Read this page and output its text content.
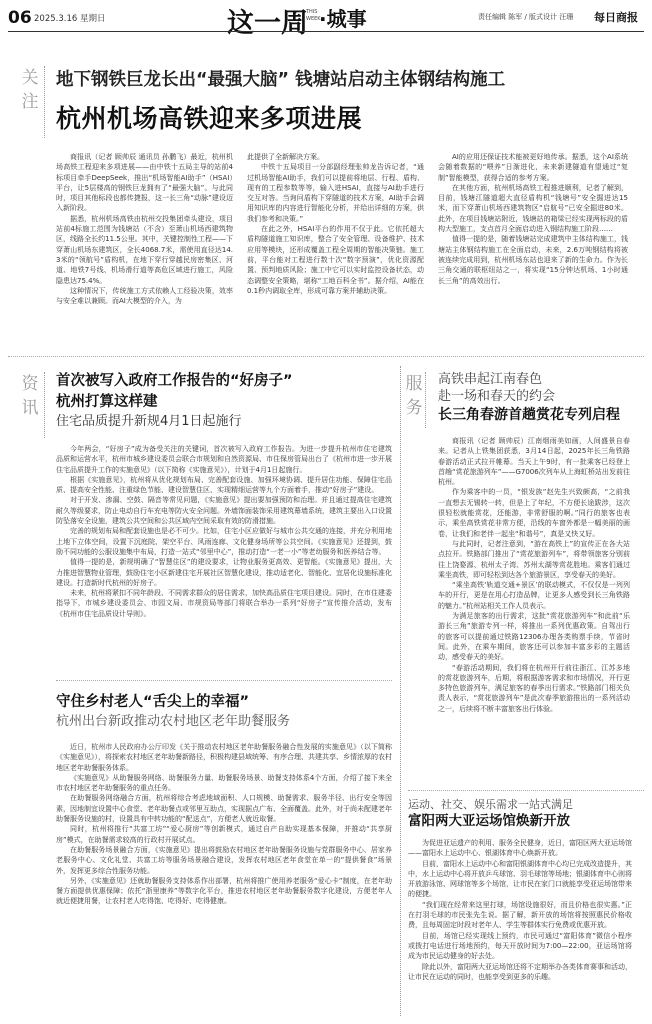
06 2025.3.16 星期日	这一周
THIS WEEK
·城事	责任编辑 陈军 / 版式设计 汪珊 每日商报
关注
地下钢铁巨龙长出“最强大脑” 钱塘站启动主体钢结构施工
杭州机场高铁迎来多项进展

商报讯（记者 顾帅辰 通讯员 孙鹏飞）最近，杭州机场高铁工程迎来多项进展——由中铁十五局主导的站前4标项目牵手DeepSeek，推出“机场智能AI助手”（HSAI）平台，让5层楼高的钢铁巨龙拥有了“最强大脑”。与此同时，项目其他标段也都传捷报，这一长三角“动脉”建设迈入新阶段。

据悉，杭州机场高铁由杭州交投集团牵头建设，项目站前4标施工范围为钱塘站（不含）至萧山机场西建筑物区，线路全长约11.5公里。其中，关键控制性工程——下穿萧山机场东建筑区，全长4068.7米，需使用直径达14.3米的“领航号”盾构机，在地下穿行穿越民房密集区、河道、地铁7号线、机场滑行道等高危区域进行施工，风险隐患达75.4%。

这种情况下，传统施工方式依赖人工经验决策，效率与安全难以兼顾。而AI大模型的介入，为

此提供了全新解决方案。

中铁十五局项目一分部副经理张帅龙告诉记者，“通过机场智能AI助手，我们可以提前将地层、行程、盾构、现有的工程参数等等，输入进HSAI，直接与AI助手进行交互对答。当询问盾构下穿隧道的技术方案，AI助手会调用知识库的内容进行智能化分析，并给出详细的方案，供我们参考和决策。”

在此之外，HSAI平台的作用不仅于此。它依托超大盾构隧道施工知识库，整合了安全管理、设备维护、技术应用等模块，还形成覆盖工程全周期的智能决策链。施工前，平台能对工程进行数十次“数字预演”，优化资源配置、预判地质风险；施工中它可以实时监控设备状态，动态调整安全策略，堪称“工地百科全书”。据介绍，AI能在0.1秒内调取全库，形成可靠方案并辅助决策。

AI的应用还保证技术能被更好地传承。据悉，这个AI系统会随着数据的“喂养”日渐进化，未来新建隧道有望通过“复制”智能模型，获得合适的参考方案。

在其他方面，杭州机场高铁工程推进顺利，记者了解到，目前，钱塘江隧道超大直径盾构机“钱塘号”安全掘进达15米，而下穿萧山机场西建筑物区“启航号”已安全掘进80米。此外，在项目钱塘站附近，钱塘站的箱梁已经实现两标段的盾构大型施工，支点首月全面启动进入钢结构施工阶段……

值得一提的是，随着钱塘站完成建筑中主体结构施工，钱塘站主体钢结构施工在全面启动，未来，2.6万吨钢结构将被被连续完成用到，杭州机场东站也迎来了新的生命力。作为长三角交通的联枢纽站之一，将实现“15分钟达机场、1小时通长三角”的高效出行。

资讯
首次被写入政府工作报告的“好房子”
杭州打算这样建
住宅品质提升新规4月1日起施行

今年两会，“好房子”成为备受关注的关键词，首次被写入政府工作报告。为进一步提升杭州市住宅建筑品质和运营水平，杭州市城乡建设委员会联合市规划和自然资源局、市住保房管局出台了《杭州市进一步开展住宅品质提升工作的实施意见》（以下简称《实施意见》），计划于4月1日起施行。

根据《实施意见》，杭州将从优化规划布局、完善配套设施、加强环境协调、提升居住功能、保障住宅品质、提高安全性能、注重绿色节能、建设智慧住区、实现精细运营等九个方面着手，推动“好房子”建设。

对于开发、渗漏、空鼓、隔音等常见问题，《实施意见》提出要加强预防和治理。并且通过提高住宅建筑耐久等级要求，防止电动自行车充电等防火安全问题。外墙饰面装饰采用建筑幕墙系统，建筑主要出入口设置防坠落安全设施，建筑公共空间和公共区域内空间采取有效的防滑措施。

完善的规划布局和配套设施也是必不可少。比如，住宅小区应做好与城市公共交通的连接，并充分利用地上地下立体空间，设置下沉庭院、架空平台、风雨连廊、文化健身场所等公共空间。《实施意见》还提到，鼓励不同功能的公服设施集中布局，打造一站式“邻里中心”，推动打造“一老一小”等老幼服务和医养结合等。

值得一提的是，新规明确了“智慧住区”的建设要求，让物业服务更高效、更智能。《实施意见》提出，大力推进智慧物业管理，鼓励住宅小区新建住宅开展社区智慧化建设，推动适老化、智能化、宜居化设施标准化建设。打造新时代杭州的好房子。

未来，杭州将紧扣不同年龄段、不同需求群众的居住需求，加快高品质住宅项目建设。同时，在市住建委指导下，市城乡建设委员会、市园文局、市规资局等部门将联合举办一系列“好房子”宣传推介活动，发布《杭州市住宅品质设计导则》。

守住乡村老人“舌尖上的幸福”
杭州出台新政推动农村地区老年助餐服务

近日，杭州市人民政府办公厅印发《关于推动农村地区老年助餐服务融合性发展的实施意见》（以下简称《实施意见》），将探索农村地区老年助餐新路径，积极构建县域统筹、有序合理、共建共享、乡情浓厚的农村地区老年助餐服务体系。

《实施意见》从助餐服务网络、助餐服务力量、助餐服务场景、助餐支持体系4个方面，介绍了接下来全市农村地区老年助餐服务的重点任务。

在助餐服务网络融合方面，杭州将综合考虑地域面积、人口规模、助餐需求、服务半径、出行安全等因素，因地制宜设置中心食堂、老年助餐点或邻里互助点，实现据点广布、全面覆盖。此外，对于尚未配建老年助餐服务设施的村，设置具有中转功能的“配送点”，方便老人就近取餐。

同时，杭州将推行“共富工坊”“爱心厨房”等创新模式，通过自产自助实现基本保障，并推动“共享厨房”模式，在助餐需求较高的行政村开展试点。

在助餐服务场景融合方面，《实施意见》提出将鼓励农村地区老年助餐服务设施与党群服务中心、居家养老服务中心、文化礼堂、共富工坊等服务场景融合建设，发挥农村地区老年食堂在单一的“提供餐食”场景外，发挥更多综合性服务功能。

另外，《实施意见》还就助餐服务支持体系作出部署，杭州将推广使用养老服务“爱心卡”制度，在老年助餐方面提供优惠保障；依托“浙里康养”等数字化平台，推进农村地区老年助餐服务数字化建设，方便老年人就近便捷用餐，让农村老人吃得饱、吃得好、吃得健康。

服务
高铁串起江南春色
赴一场和春天的约会
长三角春游首趟赏花专列启程

商报讯（记者 顾帅辰）江南烟雨美如画，人间盛景自春来。记者从上铁集团获悉，3月14日起，2025年长三角铁路春游活动正式拉开帷幕。当天上午9时，有一批乘客已经登上首趟“赏花旅游列车”——G7006次列车从上海虹桥站出发前往杭州。

作为乘客中的一员，“银发族”赵先生兴致颇高，“之前我一直想去无锡转一转，但是上了年纪，不方便长途跋涉，这次很轻松就能赏花，还能游，非常舒服的啊。”同行的旅客也表示，乘坐高铁赏花非常方便，沿线的车窗外都是一幅美丽的画卷，让我们和老伴一起坐“和谐号”，真是又快又好。

与此同时，记者注意到，“游在高铁上”的宣传正在各大站点拉开。铁路部门推出了“赏花旅游列车”，将带领旅客分别前往上饶婺源、杭州太子湾、苏州太湖等赏花胜地。乘客们通过乘坐高铁，即可轻松到达各个旅游景区，享受春天的美好。

“乘坐高铁‘轨道交通+景区’的联动模式，不仅仅是一列列车的开行，更是在用心打造品牌，让更多人感受到长三角铁路的魅力。”杭州站相关工作人员表示。

为满足旅客的出行需求，这批“赏花旅游列车”和此前“乐游长三角”旅游专列一样，将推出一系列优惠政策。自驾出行的旅客可以提前通过铁路12306办理各类购票手续，节省时间。此外，在乘车期间，旅客还可以参加丰富多彩的主题活动，感受春天的美好。

“春游活动期间，我们将在杭州开行前往浙江、江苏多地的赏花旅游列车，后期，将根据游客需求和市场情况，开行更多特色旅游列车，满足旅客的春季出行需求。”铁路部门相关负责人表示，“赏花旅游列车”是此次春季旅游推出的一系列活动之一，后续将不断丰富旅客出行体验。

运动、社交、娱乐需求一站式满足
富阳两大亚运场馆焕新开放

为促进亚运遗产的利用、服务全民健身，近日，富阳区两大亚运场馆——富阳水上运动中心、银湖体育中心焕新开放。

目前，富阳水上运动中心和富阳银湖体育中心均已完成改造提升，其中，水上运动中心将开放乒乓球馆、羽毛球馆等场地；银湖体育中心则将开放游泳馆、网球馆等多个场馆，让市民在家门口就能享受亚运场馆带来的便捷。

“我们现在经常来这里打球，场馆设施很好，而且价格也很实惠。”正在打羽毛球的市民张先生说。据了解，新开放的场馆将按照惠民价格收费，且每周固定时段对老年人、学生等群体实行免费或优惠开放。

目前，场馆已经实现线上预约，市民可通过“富阳体育”微信小程序或拨打电话进行场地预约，每天开放时间为7:00—22:00，亚运场馆将成为市民运动健身的好去处。

除此以外，富阳两大亚运场馆还将不定期举办各类体育赛事和活动，让市民在运动的同时，也能享受到更多的乐趣。
